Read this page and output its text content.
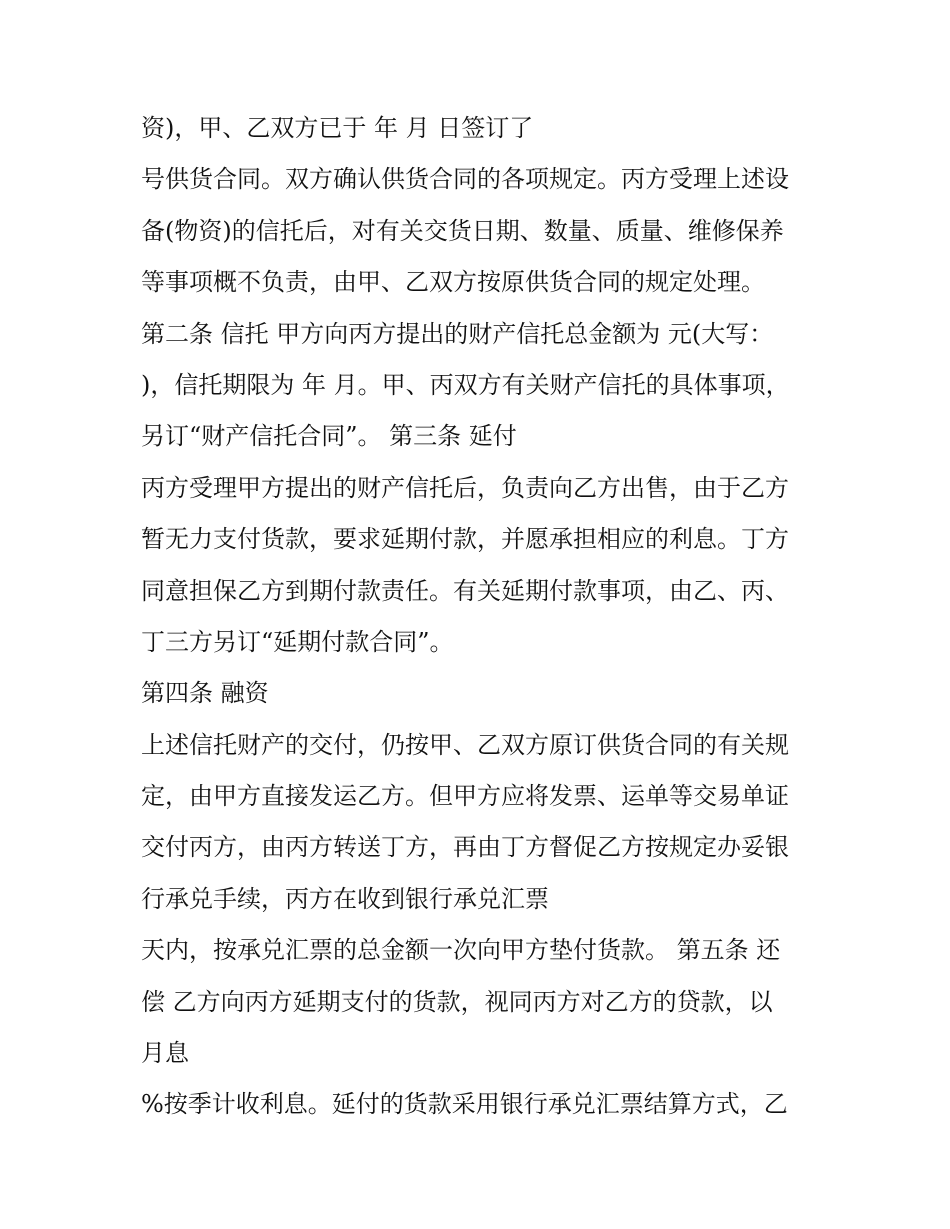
资)，甲、乙双方已于 年 月 日签订了
号供货合同。双方确认供货合同的各项规定。丙方受理上述设
备(物资)的信托后，对有关交货日期、数量、质量、维修保养
等事项概不负责，由甲、乙双方按原供货合同的规定处理。
第二条 信托 甲方向丙方提出的财产信托总金额为 元(大写：
)，信托期限为 年 月。甲、丙双方有关财产信托的具体事项，
另订“财产信托合同”。 第三条 延付
丙方受理甲方提出的财产信托后，负责向乙方出售，由于乙方
暂无力支付货款，要求延期付款，并愿承担相应的利息。丁方
同意担保乙方到期付款责任。有关延期付款事项，由乙、丙、
丁三方另订“延期付款合同”。
第四条 融资
上述信托财产的交付，仍按甲、乙双方原订供货合同的有关规
定，由甲方直接发运乙方。但甲方应将发票、运单等交易单证
交付丙方，由丙方转送丁方，再由丁方督促乙方按规定办妥银
行承兑手续，丙方在收到银行承兑汇票
天内，按承兑汇票的总金额一次向甲方垫付货款。 第五条 还
偿 乙方向丙方延期支付的货款，视同丙方对乙方的贷款，以
月息
%按季计收利息。延付的货款采用银行承兑汇票结算方式，乙
